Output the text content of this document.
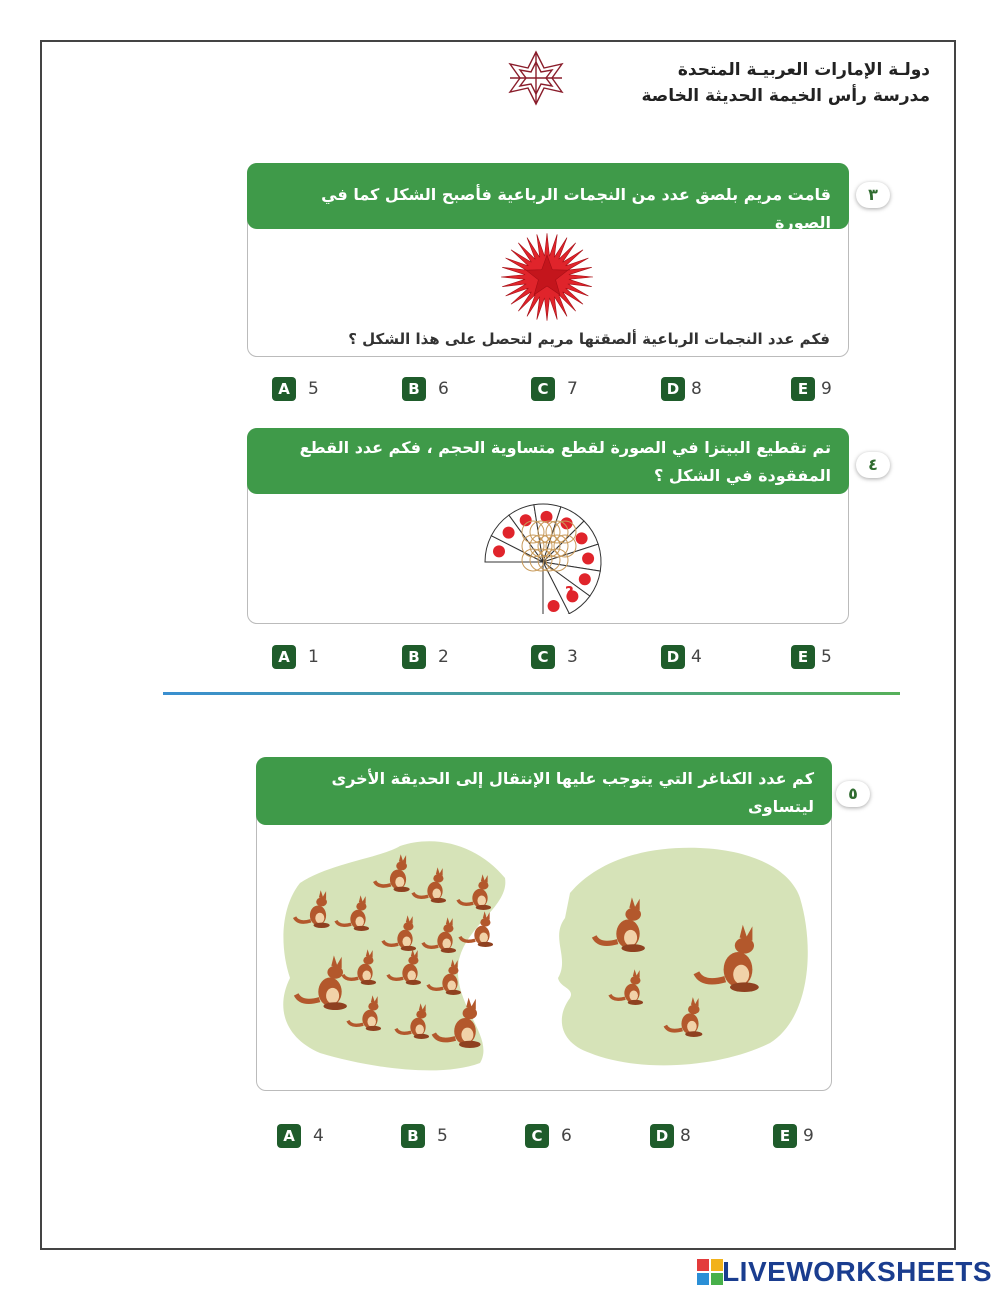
دولـة الإمارات العربيـة المتحدة
مدرسة رأس الخيمة الحديثة الخاصة
قامت مريم بلصق عدد من النجمات الرباعية فأصبح الشكل كما في الصورة
٣
فكم عدد النجمات الرباعية ألصقتها مريم لتحصل على هذا الشكل ؟
A 5	B 6	C 7	D 8	E 9
تم تقطيع البيتزا في الصورة لقطع متساوية الحجم ، فكم عدد القطع
المفقودة في الشكل ؟
٤
?
A 1	B 2	C 3	D 4	E 5
كم عدد الكناغر التي يتوجب عليها الإنتقال إلى الحديقة الأخرى ليتساوى
عددها في الحديقتين؟
٥
A 4	B 5	C 6	D 8	E 9
LIVEWORKSHEETS
